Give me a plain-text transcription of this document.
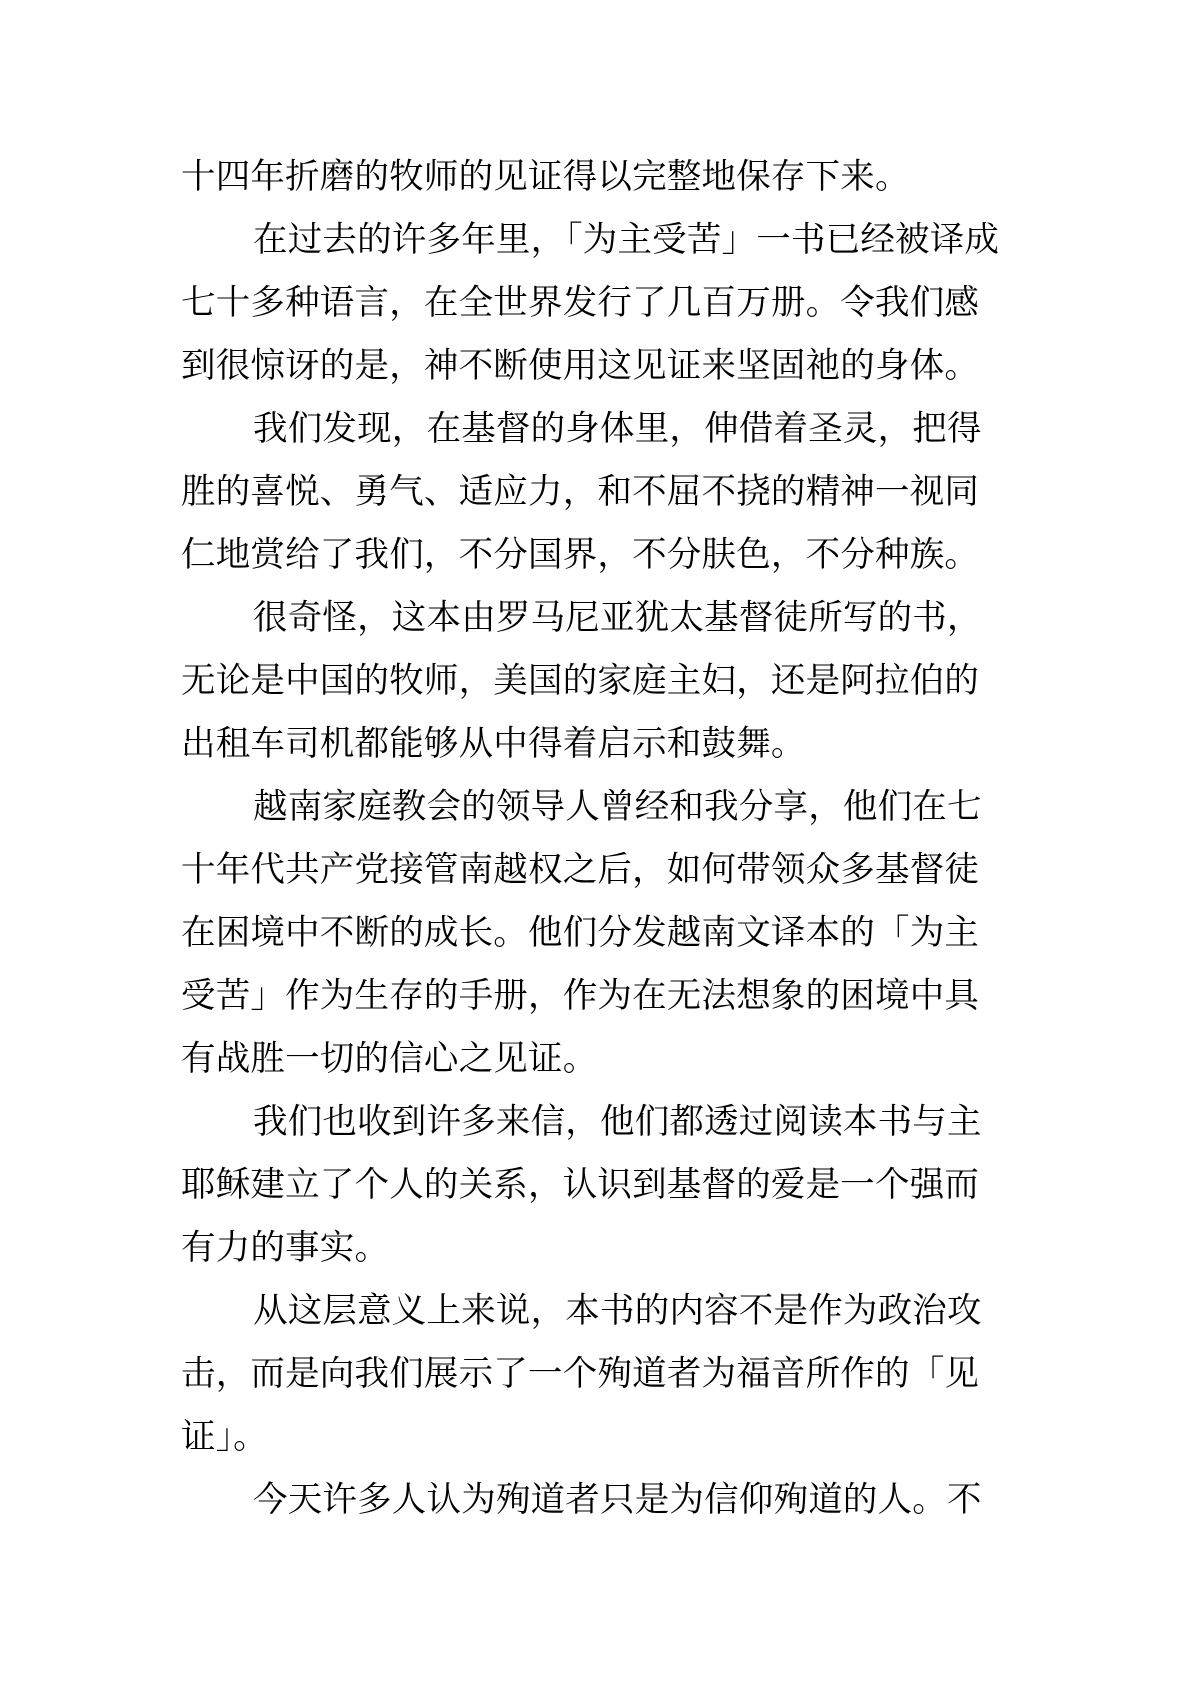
十四年折磨的牧师的见证得以完整地保存下来。
在过去的许多年里，「为主受苦」一书已经被译成
七十多种语言，在全世界发行了几百万册。令我们感
到很惊讶的是，神不断使用这见证来坚固祂的身体。
我们发现，在基督的身体里，伸借着圣灵，把得
胜的喜悦、勇气、适应力，和不屈不挠的精神一视同
仁地赏给了我们，不分国界，不分肤色，不分种族。
很奇怪，这本由罗马尼亚犹太基督徒所写的书，
无论是中国的牧师，美国的家庭主妇，还是阿拉伯的
出租车司机都能够从中得着启示和鼓舞。
越南家庭教会的领导人曾经和我分享，他们在七
十年代共产党接管南越权之后，如何带领众多基督徒
在困境中不断的成长。他们分发越南文译本的「为主
受苦」作为生存的手册，作为在无法想象的困境中具
有战胜一切的信心之见证。
我们也收到许多来信，他们都透过阅读本书与主
耶稣建立了个人的关系，认识到基督的爱是一个强而
有力的事实。
从这层意义上来说，本书的内容不是作为政治攻
击，而是向我们展示了一个殉道者为福音所作的「见
证」。
今天许多人认为殉道者只是为信仰殉道的人。不
